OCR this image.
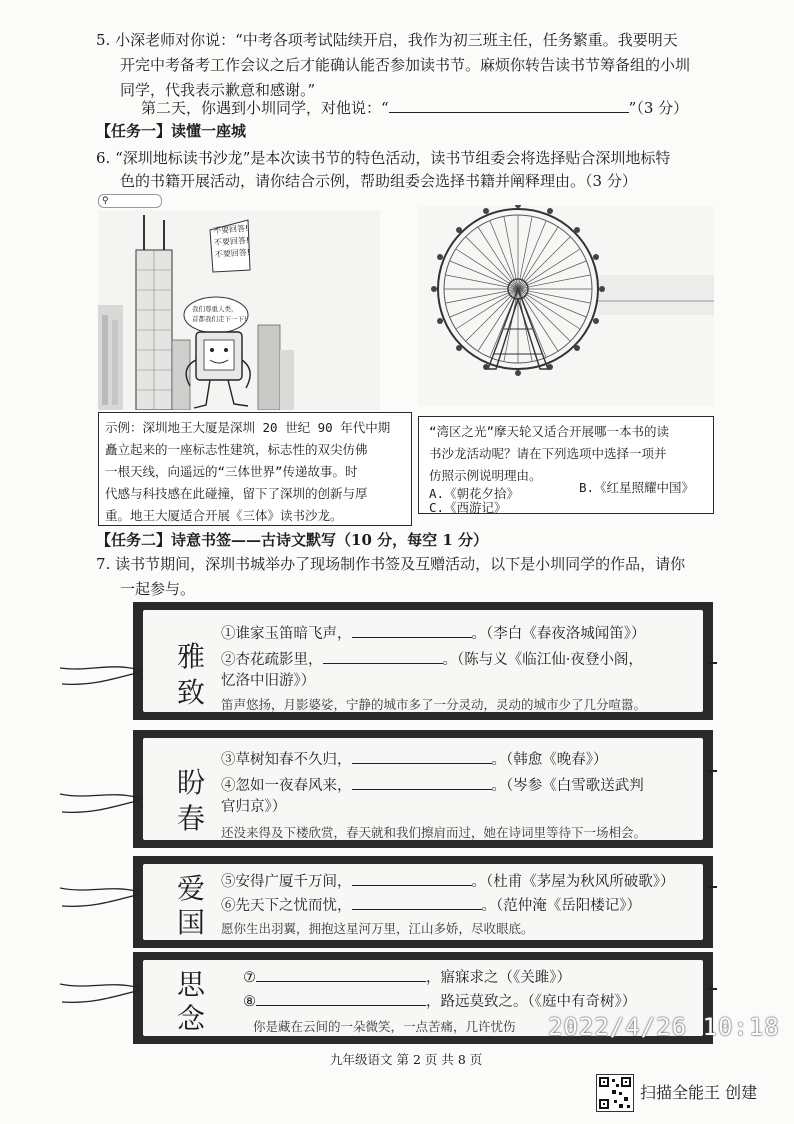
5. 小深老师对你说：“中考各项考试陆续开启，我作为初三班主任，任务繁重。我要明天
开完中考备考工作会议之后才能确认能否参加读书节。麻烦你转告读书节筹备组的小圳
同学，代我表示歉意和感谢。”
第二天，你遇到小圳同学，对他说：“	”（3 分）
【任务一】读懂一座城
6. “深圳地标读书沙龙”是本次读书节的特色活动，读书节组委会将选择贴合深圳地标特
色的书籍开展活动，请你结合示例，帮助组委会选择书籍并阐释理由。（3 分）
⚲
不要回答!
不要回答!
不要回答!
我们尊重人类，
首都我们走下一下!
示例：深圳地王大厦是深圳 20 世纪 90 年代中期
矗立起来的一座标志性建筑，标志性的双尖仿佛
一根天线，向遥远的“三体世界”传递故事。时
代感与科技感在此碰撞，留下了深圳的创新与厚
重。地王大厦适合开展《三体》读书沙龙。
“湾区之光”摩天轮又适合开展哪一本书的读
书沙龙活动呢？请在下列选项中选择一项并
仿照示例说明理由。
A.《朝花夕拾》	B.《红星照耀中国》
C.《西游记》
【任务二】诗意书签——古诗文默写（10 分，每空 1 分）
7. 读书节期间，深圳书城举办了现场制作书签及互赠活动，以下是小圳同学的作品，请你
一起参与。
雅
致
①谁家玉笛暗飞声，	。（李白《春夜洛城闻笛》）
②杏花疏影里，	。（陈与义《临江仙·夜登小阁，
忆洛中旧游》）
笛声悠扬，月影婆娑，宁静的城市多了一分灵动，灵动的城市少了几分喧嚣。
盼
春
③草树知春不久归，	。（韩愈《晚春》）
④忽如一夜春风来，	。（岑参《白雪歌送武判
官归京》）
还没来得及下楼欣赏，春天就和我们擦肩而过，她在诗词里等待下一场相会。
爱
国
⑤安得广厦千万间，	。（杜甫《茅屋为秋风所破歌》）
⑥先天下之忧而忧，	。（范仲淹《岳阳楼记》）
愿你生出羽翼，拥抱这星河万里，江山多娇，尽收眼底。
思
念
⑦	，寤寐求之（《关雎》）
⑧	，路远莫致之。（《庭中有奇树》）
你是藏在云间的一朵微笑，一点苦痛，几许忧伤 2022/4/26 10:18
九年级语文 第 2 页 共 8 页
扫描全能王 创建
